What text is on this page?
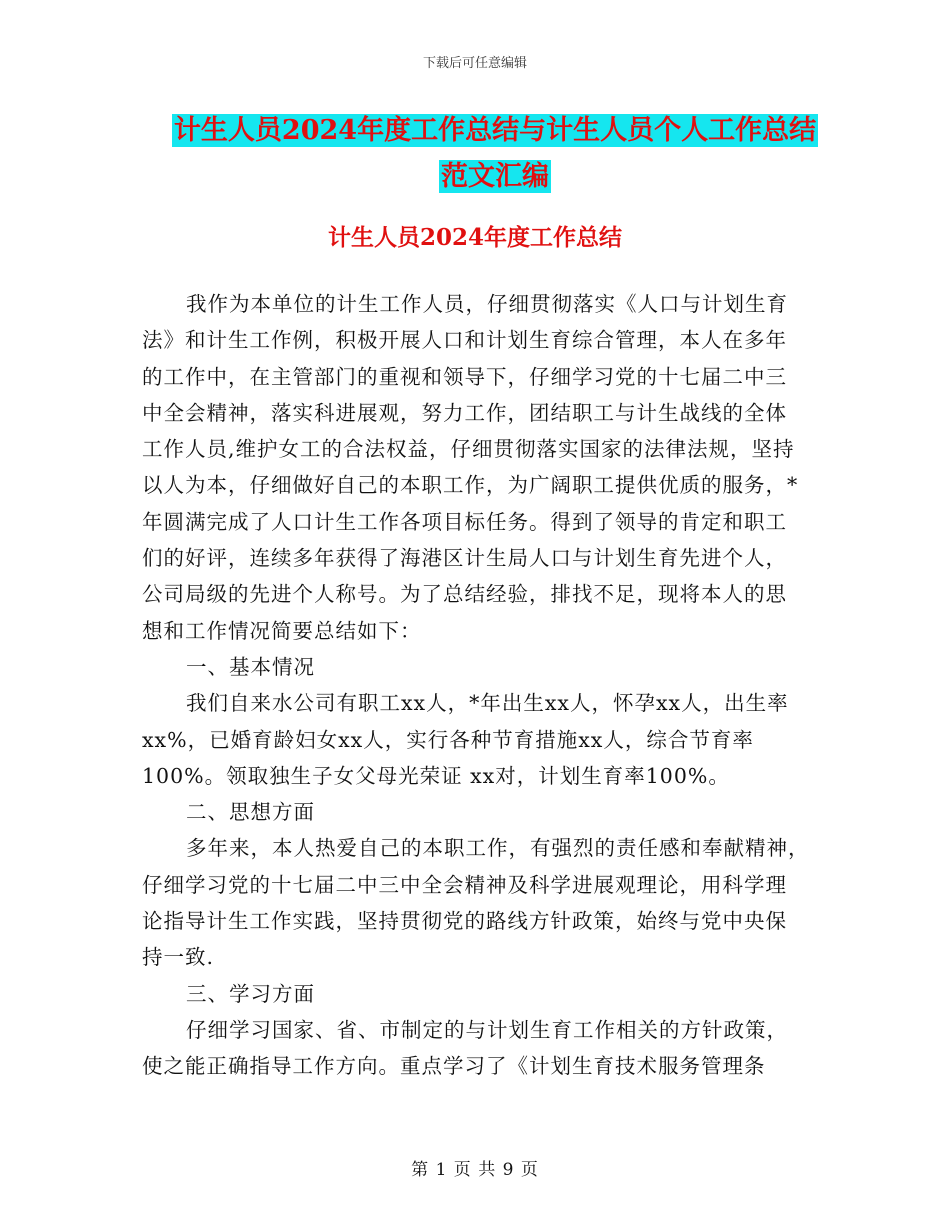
下载后可任意编辑
计生人员2024年度工作总结与计生人员个人工作总结
范文汇编
计生人员2024年度工作总结
我作为本单位的计生工作人员，仔细贯彻落实《人口与计划生育
法》和计生工作例，积极开展人口和计划生育综合管理，本人在多年
的工作中，在主管部门的重视和领导下，仔细学习党的十七届二中三
中全会精神，落实科进展观，努力工作，团结职工与计生战线的全体
工作人员,维护女工的合法权益，仔细贯彻落实国家的法律法规，坚持
以人为本，仔细做好自己的本职工作，为广阔职工提供优质的服务，*
年圆满完成了人口计生工作各项目标任务。得到了领导的肯定和职工
们的好评，连续多年获得了海港区计生局人口与计划生育先进个人，
公司局级的先进个人称号。为了总结经验，排找不足，现将本人的思
想和工作情况简要总结如下：
一、基本情况
我们自来水公司有职工xx人，*年出生xx人，怀孕xx人，出生率
xx%，已婚育龄妇女xx人，实行各种节育措施xx人，综合节育率
100%。领取独生子女父母光荣证 xx对，计划生育率100%。
二、思想方面
多年来，本人热爱自己的本职工作，有强烈的责任感和奉献精神，
仔细学习党的十七届二中三中全会精神及科学进展观理论，用科学理
论指导计生工作实践，坚持贯彻党的路线方针政策，始终与党中央保
持一致.
三、学习方面
仔细学习国家、省、市制定的与计划生育工作相关的方针政策，
使之能正确指导工作方向。重点学习了《计划生育技术服务管理条
第 1 页 共 9 页
